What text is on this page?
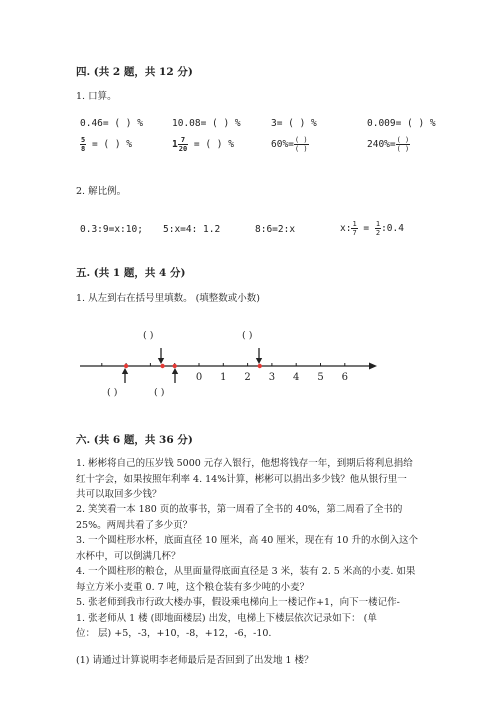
四. (共 2 题，共 12 分)
1. 口算。
0.46= ( ) %	10.08= ( ) %	3= ( ) %	0.009= ( ) %
$\frac{5}{8}$ = ( ) %	$1 \frac{7}{20}$ = ( ) %	$60\%= \frac{( )}{( )}$	$240\%= \frac{( )}{( )}$
2. 解比例。
0.3:9=x:10; 5:x=4: 1.2	8:6=2:x	x: $\frac{1}{7} = \frac{1}{2}$ :0.4
五. (共 1 题，共 4 分)
1. 从左到右在括号里填数。 (填整数或小数)
( )	( )
( )	( )
0 1 2 3 4 5 6
六. (共 6 题，共 36 分)
1. 彬彬将自己的压岁钱 5000 元存入银行，他想将钱存一年，到期后将利息捐给
红十字会，如果按照年利率 4. 14%计算，彬彬可以捐出多少钱？他从银行里一
共可以取回多少钱？
2. 笑笑看一本 180 页的故事书，第一周看了全书的 40%，第二周看了全书的
25%。两周共看了多少页？
3. 一个圆柱形水杯，底面直径 10 厘米，高 40 厘米，现在有 10 升的水倒入这个
水杯中，可以倒满几杯？
4. 一个圆柱形的粮仓，从里面量得底面直径是 3 米，装有 2. 5 米高的小麦. 如果
每立方米小麦重 0. 7 吨，这个粮仓装有多少吨的小麦？
5. 张老师到我市行政大楼办事，假设乘电梯向上一楼记作+1，向下一楼记作-
1. 张老师从 1 楼 (即地面楼层) 出发，电梯上下楼层依次记录如下： (单
位： 层) +5，-3，+10，-8，+12，-6，-10.
(1) 请通过计算说明李老师最后是否回到了出发地 1 楼？
